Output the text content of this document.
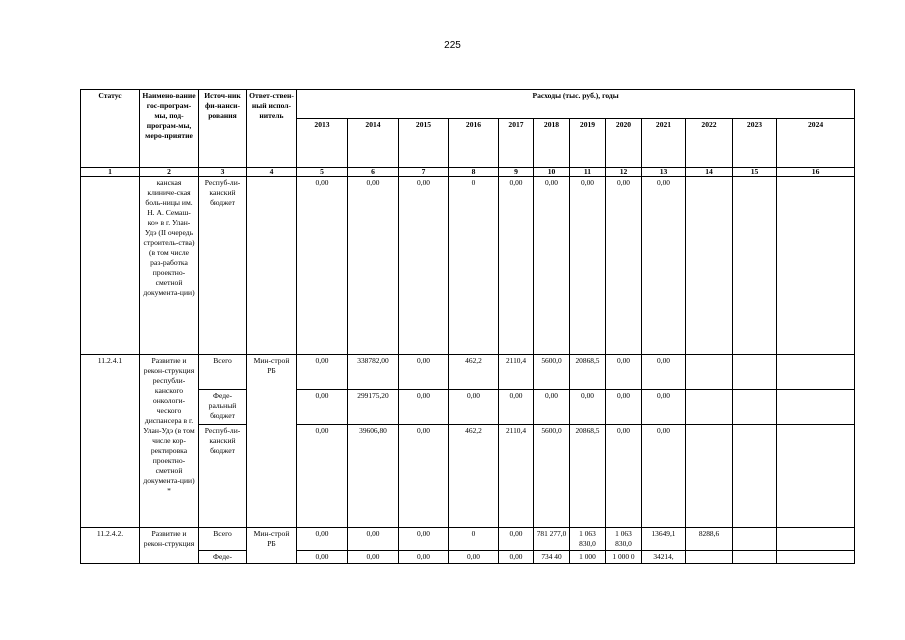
225
Статус	Наимено-вание гос-програм-мы, под-програм-мы, меро-приятие	Источ-ник фи-нанси-рования	Ответ-ствен-ный испол-нитель	Расходы (тыс. руб.), годы											
				2013	2014	2015	2016	2017	2018	2019	2020	2021	2022	2023	2024
1	2	3	4	5	6	7	8	9	10	11	12	13	14	15	16
	канская клиниче-ская боль-ницы им. Н. А. Семаш-ко» в г. Улан-Удэ (II очередь строитель-ства) (в том числе раз-работка проектно-сметной документа-ции)	Респуб-ли-канский бюджет		0,00	0,00	0,00	0	0,00	0,00	0,00	0,00	0,00			
11.2.4.1	Развитие и рекон-струкция республи-канского онкологи-ческого диспансера в г. Улан-Удэ (в том числе кор-ректировка проектно-сметной документа-ции) *	Всего	Мин-строй РБ	0,00	338782,00	0,00	462,2	2110,4	5600,0	20868,5	0,00	0,00			
		Феде-ральный бюджет		0,00	299175,20	0,00	0,00	0,00	0,00	0,00	0,00	0,00			
		Респуб-ли-канский бюджет		0,00	39606,80	0,00	462,2	2110,4	5600,0	20868,5	0,00	0,00			
11.2.4.2.	Развитие и рекон-струкция	Всего	Мин-строй РБ	0,00	0,00	0,00	0	0,00	781 277,0	1 063 830,0	1 063 830,0	13649,1	8288,6		
		Феде-		0,00	0,00	0,00	0,00	0,00	734 40	1 000	1 000 0	34214,			
